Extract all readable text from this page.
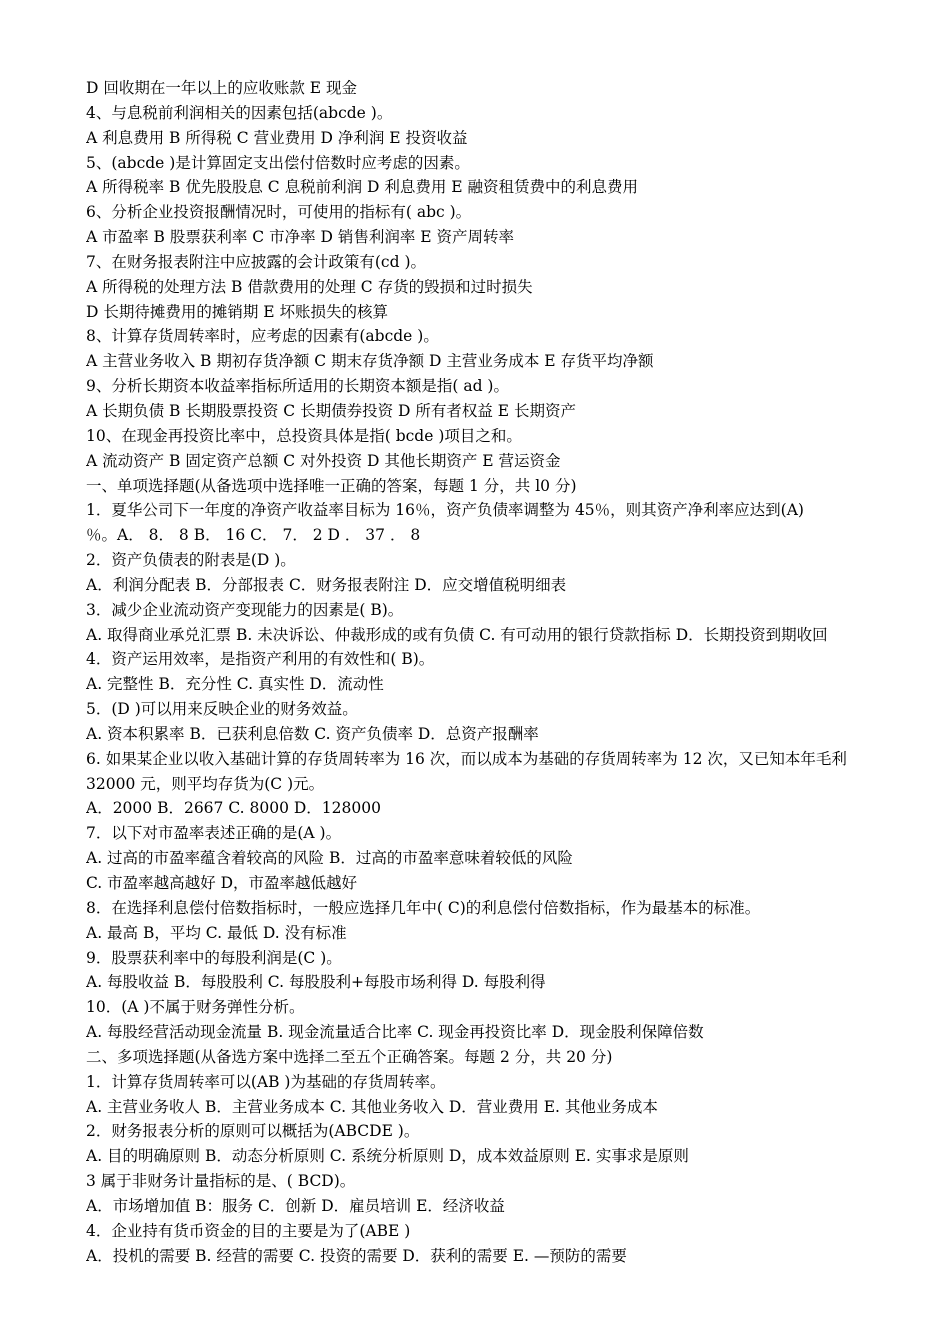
D 回收期在一年以上的应收账款 E 现金
4、与息税前利润相关的因素包括(abcde )。
A 利息费用 B 所得税 C 营业费用 D 净利润 E 投资收益
5、(abcde )是计算固定支出偿付倍数时应考虑的因素。
A 所得税率 B 优先股股息 C 息税前利润 D 利息费用 E 融资租赁费中的利息费用
6、分析企业投资报酬情况时，可使用的指标有( abc )。
A 市盈率 B 股票获利率 C 市净率 D 销售利润率 E 资产周转率
7、在财务报表附注中应披露的会计政策有(cd )。
A 所得税的处理方法 B 借款费用的处理 C 存货的毁损和过时损失
D 长期待摊费用的摊销期 E 坏账损失的核算
8、计算存货周转率时，应考虑的因素有(abcde )。
A 主营业务收入 B 期初存货净额 C 期末存货净额 D 主营业务成本 E 存货平均净额
9、分析长期资本收益率指标所适用的长期资本额是指( ad )。
A 长期负债 B 长期股票投资 C 长期债券投资 D 所有者权益 E 长期资产
10、在现金再投资比率中，总投资具体是指( bcde )项目之和。
A 流动资产 B 固定资产总额 C 对外投资 D 其他长期资产 E 营运资金
一、单项选择题(从备选项中选择唯一正确的答案，每题 1 分，共 l0 分)
1．夏华公司下一年度的净资产收益率目标为 16％，资产负债率调整为 45％，则其资产净利率应达到(A)
％。A． 8． 8 B． 16 C． 7． 2 D ． 37 ． 8
2．资产负债表的附表是(D )。
A．利润分配表 B．分部报表 C．财务报表附注 D．应交增值税明细表
3．减少企业流动资产变现能力的因素是( B)。
A. 取得商业承兑汇票 B. 未决诉讼、仲裁形成的或有负债 C. 有可动用的银行贷款指标 D．长期投资到期收回
4．资产运用效率，是指资产利用的有效性和( B)。
A. 完整性 B．充分性 C. 真实性 D．流动性
5．(D )可以用来反映企业的财务效益。
A. 资本积累率 B．已获利息倍数 C. 资产负债率 D．总资产报酬率
6. 如果某企业以收入基础计算的存货周转率为 16 次，而以成本为基础的存货周转率为 12 次，又已知本年毛利
32000 元，则平均存货为(C )元。
A．2000 B．2667 C. 8000 D．128000
7．以下对市盈率表述正确的是(A )。
A. 过高的市盈率蕴含着较高的风险 B．过高的市盈率意味着较低的风险
C. 市盈率越高越好 D，市盈率越低越好
8．在选择利息偿付倍数指标时，一般应选择几年中( C)的利息偿付倍数指标，作为最基本的标准。
A. 最高 B，平均 C. 最低 D. 没有标准
9．股票获利率中的每股利润是(C )。
A. 每股收益 B．每股股利 C. 每股股利+每股市场利得 D. 每股利得
10．(A )不属于财务弹性分析。
A. 每股经营活动现金流量 B. 现金流量适合比率 C. 现金再投资比率 D．现金股利保障倍数
二、多项选择题(从备选方案中选择二至五个正确答案。每题 2 分，共 20 分)
1．计算存货周转率可以(AB )为基础的存货周转率。
A. 主营业务收人 B．主营业务成本 C. 其他业务收入 D．营业费用 E. 其他业务成本
2．财务报表分析的原则可以概括为(ABCDE )。
A. 目的明确原则 B．动态分析原则 C. 系统分析原则 D，成本效益原则 E. 实事求是原则
3 属于非财务计量指标的是、( BCD)。
A．市场增加值 B：服务 C．创新 D．雇员培训 E．经济收益
4．企业持有货币资金的目的主要是为了(ABE )
A．投机的需要 B. 经营的需要 C. 投资的需要 D．获利的需要 E. —预防的需要
